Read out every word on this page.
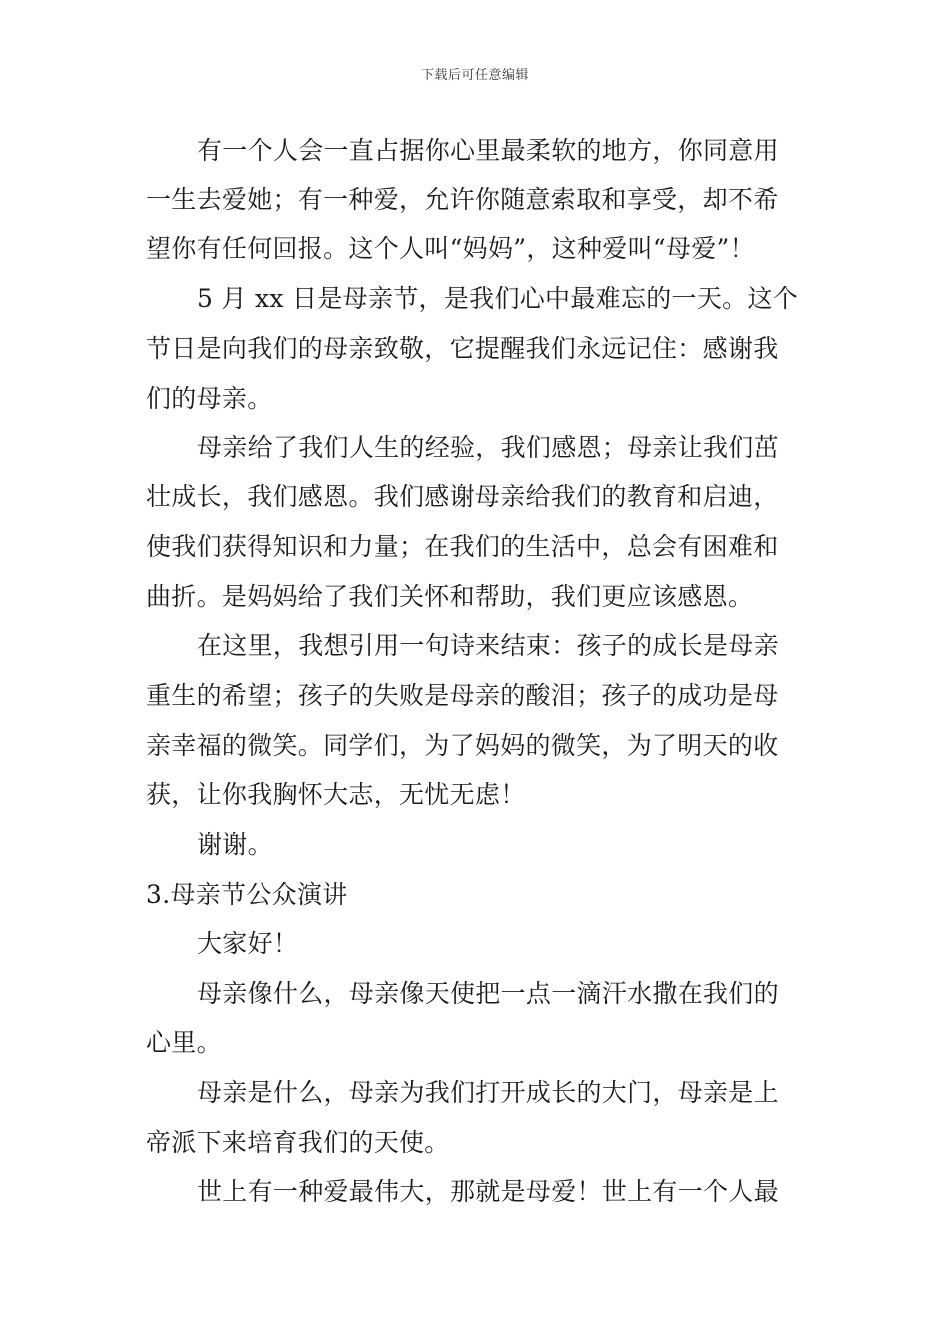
下载后可任意编辑
有一个人会一直占据你心里最柔软的地方，你同意用
一生去爱她；有一种爱，允许你随意索取和享受，却不希
望你有任何回报。这个人叫“妈妈”，这种爱叫“母爱”！
5 月 xx 日是母亲节，是我们心中最难忘的一天。这个
节日是向我们的母亲致敬，它提醒我们永远记住：感谢我
们的母亲。
母亲给了我们人生的经验，我们感恩；母亲让我们茁
壮成长，我们感恩。我们感谢母亲给我们的教育和启迪，
使我们获得知识和力量；在我们的生活中，总会有困难和
曲折。是妈妈给了我们关怀和帮助，我们更应该感恩。
在这里，我想引用一句诗来结束：孩子的成长是母亲
重生的希望；孩子的失败是母亲的酸泪；孩子的成功是母
亲幸福的微笑。同学们，为了妈妈的微笑，为了明天的收
获，让你我胸怀大志，无忧无虑！
谢谢。
3.母亲节公众演讲
大家好！
母亲像什么，母亲像天使把一点一滴汗水撒在我们的
心里。
母亲是什么，母亲为我们打开成长的大门，母亲是上
帝派下来培育我们的天使。
世上有一种爱最伟大，那就是母爱！世上有一个人最
